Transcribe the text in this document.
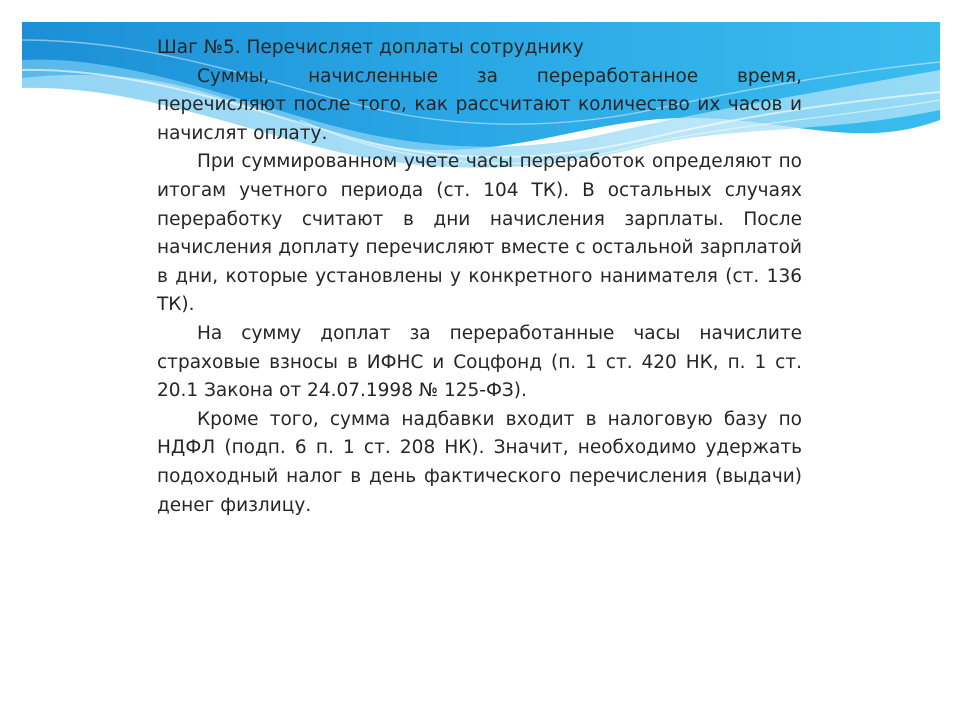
Шаг №5. Перечисляет доплаты сотруднику

Суммы, начисленные за переработанное время, перечисляют после того, как рассчитают количество их часов и начислят оплату.

При суммированном учете часы переработок определяют по итогам учетного периода (ст. 104 ТК). В остальных случаях переработку считают в дни начисления зарплаты. После начисления доплату перечисляют вместе с остальной зарплатой в дни, которые установлены у конкретного нанимателя (ст. 136 ТК).

На сумму доплат за переработанные часы начислите страховые взносы в ИФНС и Соцфонд (п. 1 ст. 420 НК, п. 1 ст. 20.1 Закона от 24.07.1998 № 125-ФЗ).

Кроме того, сумма надбавки входит в налоговую базу по НДФЛ (подп. 6 п. 1 ст. 208 НК). Значит, необходимо удержать подоходный налог в день фактического перечисления (выдачи) денег физлицу.
